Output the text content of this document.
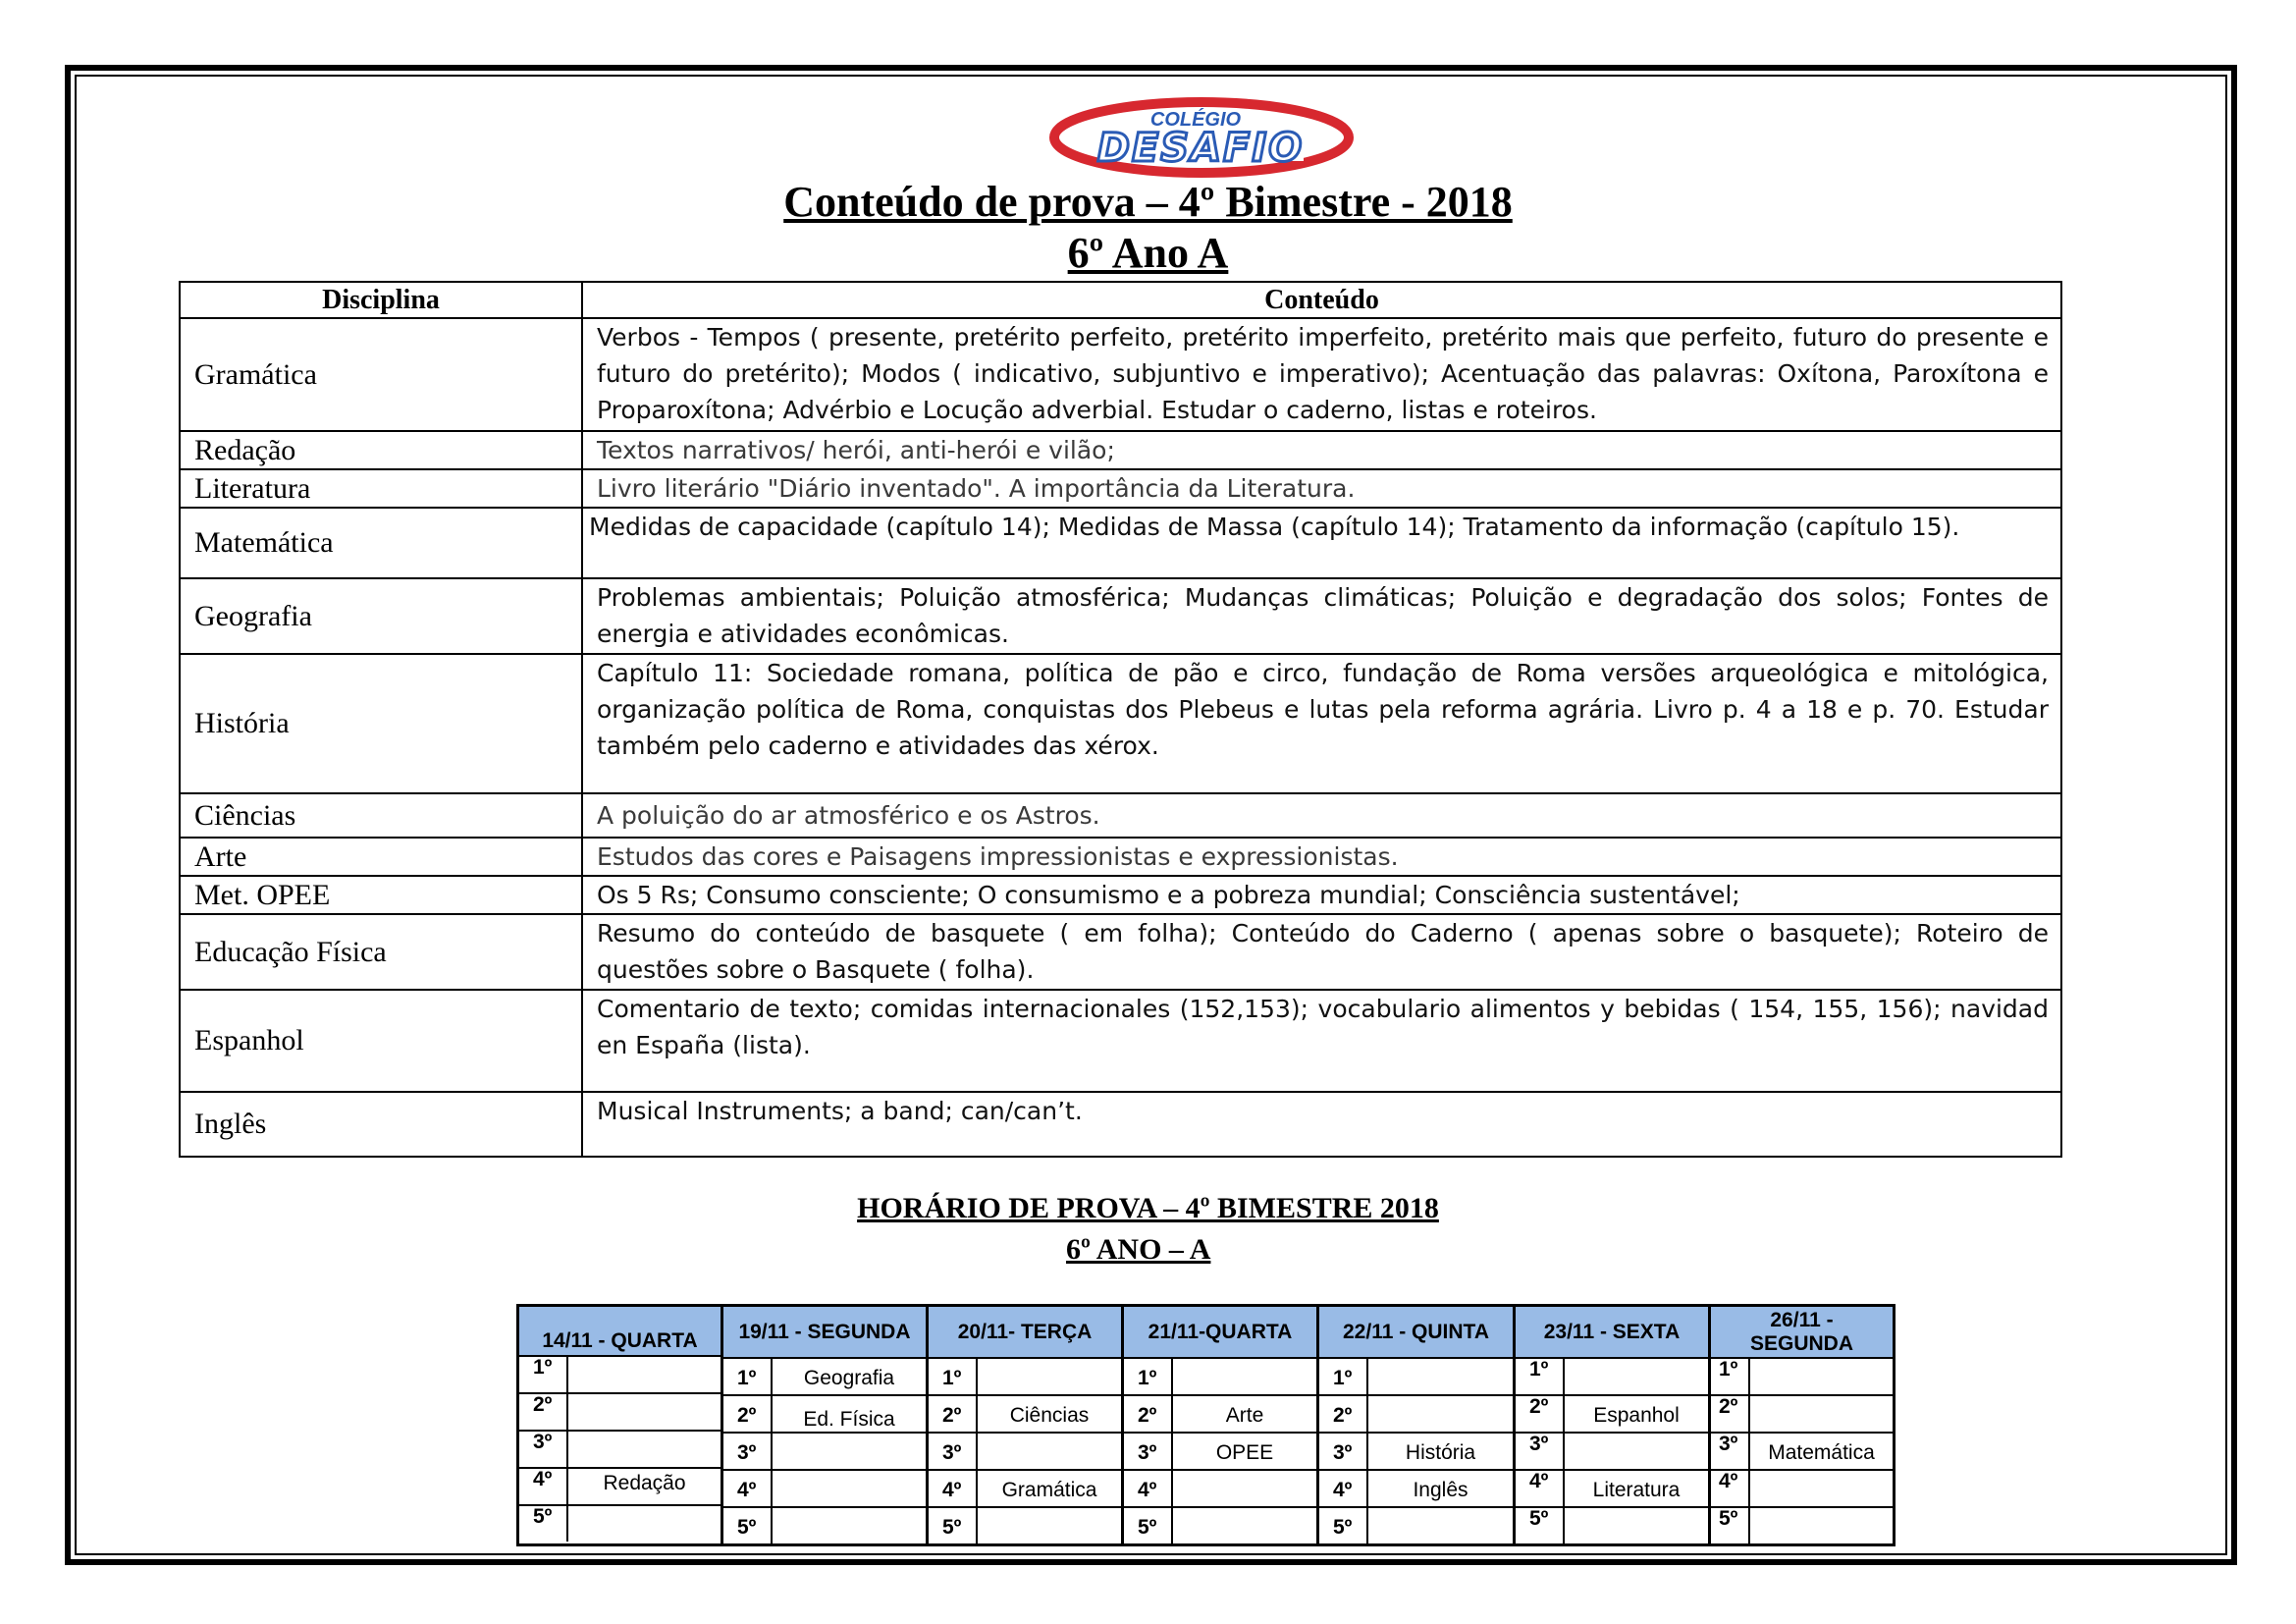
COLÉGIO
DESAFIO
Conteúdo de prova – 4º Bimestre - 2018
6º Ano A
Disciplina	Conteúdo
Gramática	Verbos - Tempos ( presente, pretérito perfeito, pretérito imperfeito, pretérito mais que perfeito, futuro do presente e futuro do pretérito); Modos ( indicativo, subjuntivo e imperativo); Acentuação das palavras: Oxítona, Paroxítona e Proparoxítona; Advérbio e Locução adverbial. Estudar o caderno, listas e roteiros.
Redação	Textos narrativos/ herói, anti-herói e vilão;
Literatura	Livro literário "Diário inventado". A importância da Literatura.
Matemática	Medidas de capacidade (capítulo 14); Medidas de Massa (capítulo 14); Tratamento da informação (capítulo 15).
Geografia	Problemas ambientais; Poluição atmosférica; Mudanças climáticas; Poluição e degradação dos solos; Fontes de energia e atividades econômicas.
História	Capítulo 11: Sociedade romana, política de pão e circo, fundação de Roma versões arqueológica e mitológica, organização política de Roma, conquistas dos Plebeus e lutas pela reforma agrária. Livro p. 4 a 18 e p. 70. Estudar também pelo caderno e atividades das xérox.
Ciências	A poluição do ar atmosférico e os Astros.
Arte	Estudos das cores e Paisagens impressionistas e expressionistas.
Met. OPEE	Os 5 Rs; Consumo consciente; O consumismo e a pobreza mundial; Consciência sustentável;
Educação Física	Resumo do conteúdo de basquete ( em folha); Conteúdo do Caderno ( apenas sobre o basquete); Roteiro de questões sobre o Basquete ( folha).
Espanhol	Comentario de texto; comidas internacionales (152,153); vocabulario alimentos y bebidas ( 154, 155, 156); navidad en España (lista).
Inglês	Musical Instruments; a band; can/can’t.
HORÁRIO DE PROVA – 4º BIMESTRE 2018
6º ANO – A
14/11 - QUARTA
1º
2º
3º
4º	Redação
5º
19/11 - SEGUNDA
1º	Geografia
2º	Ed. Física
3º
4º
5º
20/11- TERÇA
1º
2º	Ciências
3º
4º	Gramática
5º
21/11-QUARTA
1º
2º	Arte
3º	OPEE
4º
5º
22/11 - QUINTA
1º
2º
3º	História
4º	Inglês
5º
23/11 - SEXTA
1º
2º	Espanhol
3º
4º	Literatura
5º
26/11 - SEGUNDA
1º
2º
3º	Matemática
4º
5º
